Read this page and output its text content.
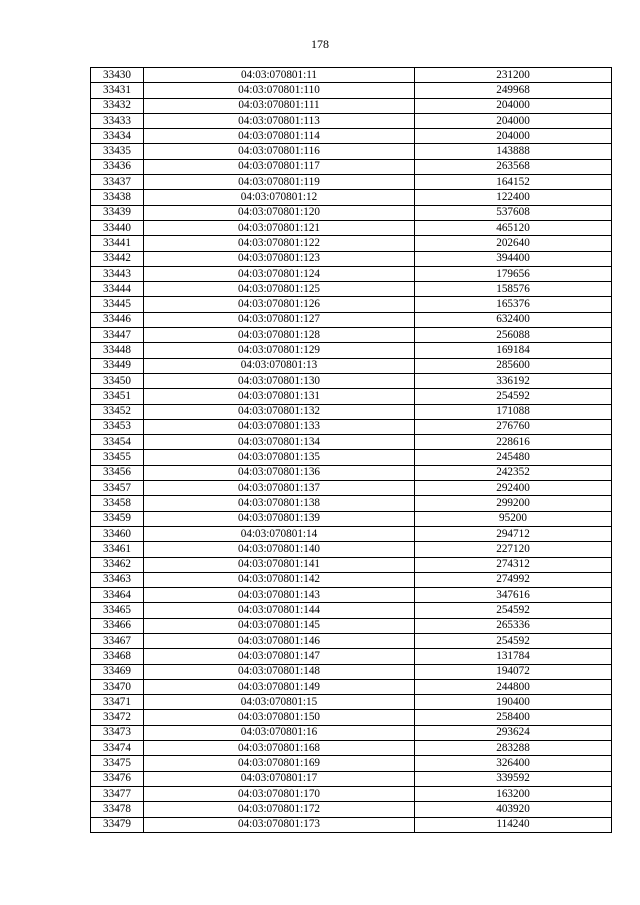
178
33430	04:03:070801:11	231200
33431	04:03:070801:110	249968
33432	04:03:070801:111	204000
33433	04:03:070801:113	204000
33434	04:03:070801:114	204000
33435	04:03:070801:116	143888
33436	04:03:070801:117	263568
33437	04:03:070801:119	164152
33438	04:03:070801:12	122400
33439	04:03:070801:120	537608
33440	04:03:070801:121	465120
33441	04:03:070801:122	202640
33442	04:03:070801:123	394400
33443	04:03:070801:124	179656
33444	04:03:070801:125	158576
33445	04:03:070801:126	165376
33446	04:03:070801:127	632400
33447	04:03:070801:128	256088
33448	04:03:070801:129	169184
33449	04:03:070801:13	285600
33450	04:03:070801:130	336192
33451	04:03:070801:131	254592
33452	04:03:070801:132	171088
33453	04:03:070801:133	276760
33454	04:03:070801:134	228616
33455	04:03:070801:135	245480
33456	04:03:070801:136	242352
33457	04:03:070801:137	292400
33458	04:03:070801:138	299200
33459	04:03:070801:139	95200
33460	04:03:070801:14	294712
33461	04:03:070801:140	227120
33462	04:03:070801:141	274312
33463	04:03:070801:142	274992
33464	04:03:070801:143	347616
33465	04:03:070801:144	254592
33466	04:03:070801:145	265336
33467	04:03:070801:146	254592
33468	04:03:070801:147	131784
33469	04:03:070801:148	194072
33470	04:03:070801:149	244800
33471	04:03:070801:15	190400
33472	04:03:070801:150	258400
33473	04:03:070801:16	293624
33474	04:03:070801:168	283288
33475	04:03:070801:169	326400
33476	04:03:070801:17	339592
33477	04:03:070801:170	163200
33478	04:03:070801:172	403920
33479	04:03:070801:173	114240
